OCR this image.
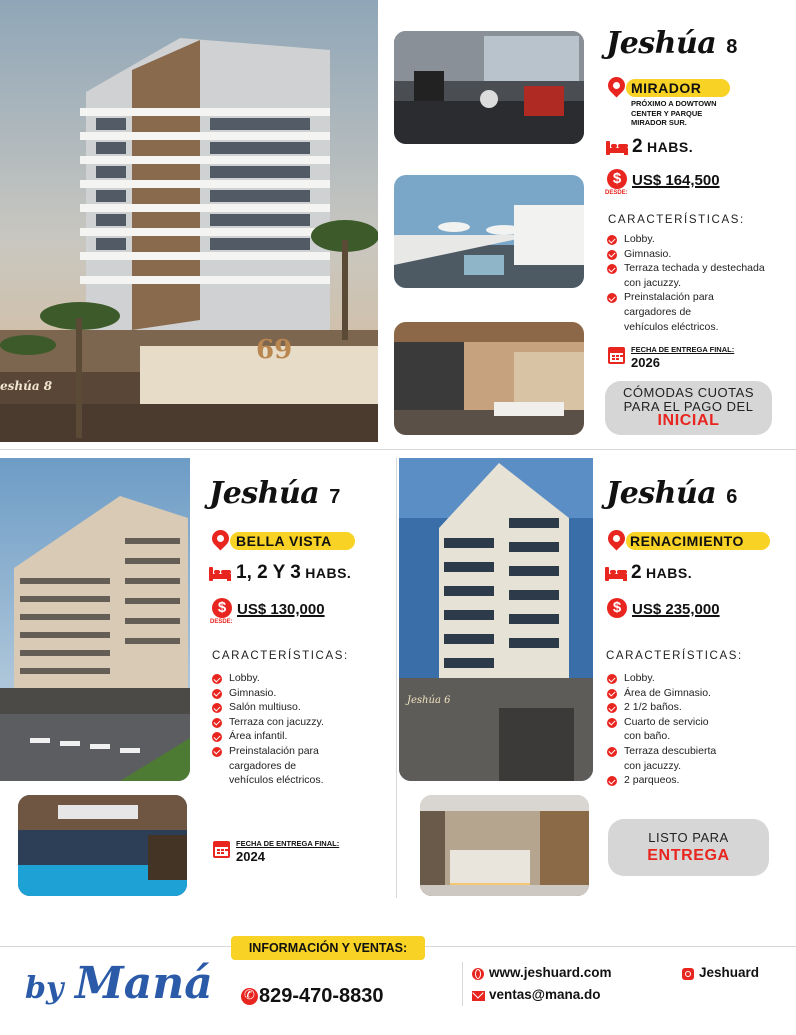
69
eshúa 8
Jeshúa 8
MIRADOR
PRÓXIMO A DOWTOWN
CENTER Y PARQUE
MIRADOR SUR.
2 HABS.
$
DESDE:
US$ 164,500
CARACTERÍSTICAS:
Lobby.
Gimnasio.
Terraza techada y destechada con jacuzzy.
Preinstalación para cargadores de vehículos eléctricos.
FECHA DE ENTREGA FINAL:
2026
CÓMODAS CUOTAS
PARA EL PAGO DEL
INICIAL
Jeshúa 7
BELLA VISTA
1, 2 Y 3 HABS.
$
DESDE:
US$ 130,000
CARACTERÍSTICAS:
Lobby.
Gimnasio.
Salón multiuso.
Terraza con jacuzzy.
Área infantil.
Preinstalación para cargadores de vehículos eléctricos.
FECHA DE ENTREGA FINAL:
2024
Jeshúa 6
Jeshúa 6
RENACIMIENTO
2 HABS.
$ US$ 235,000
CARACTERÍSTICAS:
Lobby.
Área de Gimnasio.
2 1/2 baños.
Cuarto de servicio con baño.
Terraza descubierta con jacuzzy.
2 parqueos.
LISTO PARA
ENTREGA
by Maná
INFORMACIÓN Y VENTAS:
✆
829-470-8830
www.jeshuard.com
ventas@mana.do
Jeshuard
